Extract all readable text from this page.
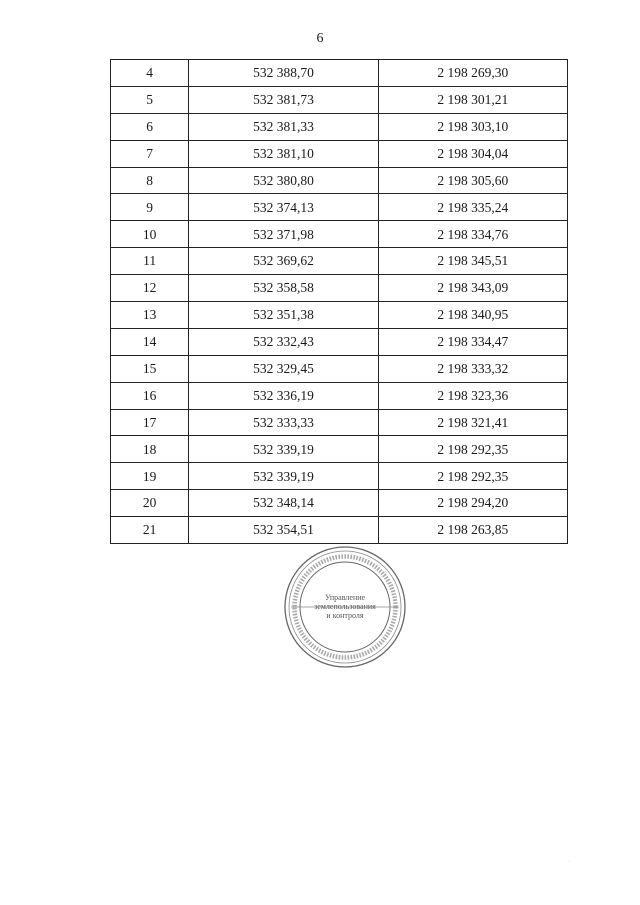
6
4	532 388,70	2 198 269,30
5	532 381,73	2 198 301,21
6	532 381,33	2 198 303,10
7	532 381,10	2 198 304,04
8	532 380,80	2 198 305,60
9	532 374,13	2 198 335,24
10	532 371,98	2 198 334,76
11	532 369,62	2 198 345,51
12	532 358,58	2 198 343,09
13	532 351,38	2 198 340,95
14	532 332,43	2 198 334,47
15	532 329,45	2 198 333,32
16	532 336,19	2 198 323,36
17	532 333,33	2 198 321,41
18	532 339,19	2 198 292,35
19	532 339,19	2 198 292,35
20	532 348,14	2 198 294,20
21	532 354,51	2 198 263,85
Управление
землепользования
и контроля
·
